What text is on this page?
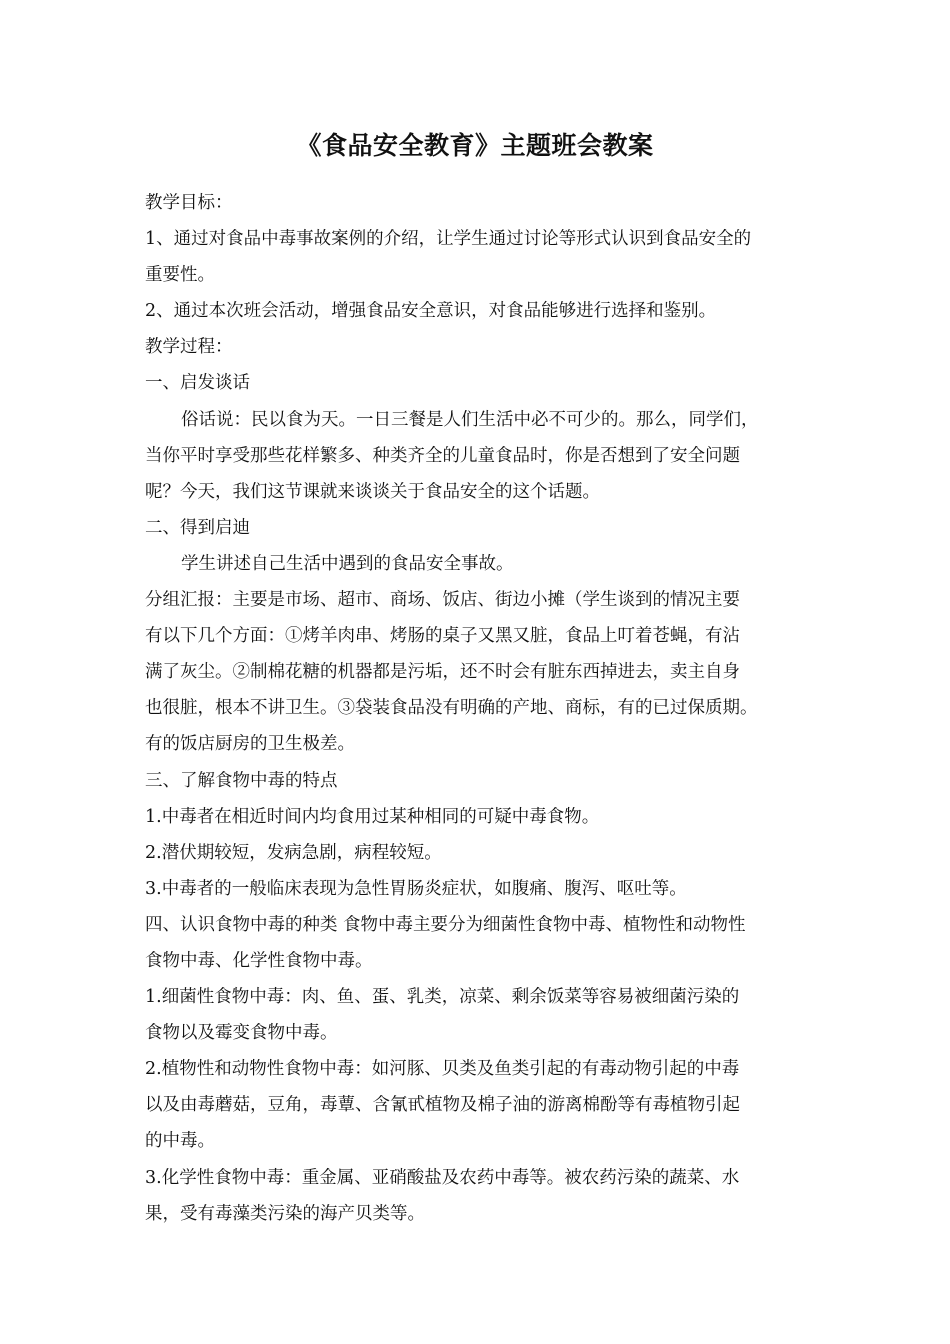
《食品安全教育》主题班会教案
教学目标：
1、通过对食品中毒事故案例的介绍，让学生通过讨论等形式认识到食品安全的
重要性。
2、通过本次班会活动，增强食品安全意识，对食品能够进行选择和鉴别。
教学过程：
一、启发谈话
俗话说：民以食为天。一日三餐是人们生活中必不可少的。那么，同学们，
当你平时享受那些花样繁多、种类齐全的儿童食品时，你是否想到了安全问题
呢？今天，我们这节课就来谈谈关于食品安全的这个话题。
二、得到启迪
学生讲述自己生活中遇到的食品安全事故。
分组汇报：主要是市场、超市、商场、饭店、街边小摊（学生谈到的情况主要
有以下几个方面：①烤羊肉串、烤肠的桌子又黑又脏，食品上叮着苍蝇，有沾
满了灰尘。②制棉花糖的机器都是污垢，还不时会有脏东西掉进去，卖主自身
也很脏，根本不讲卫生。③袋装食品没有明确的产地、商标，有的已过保质期。
有的饭店厨房的卫生极差。
三、了解食物中毒的特点
1.中毒者在相近时间内均食用过某种相同的可疑中毒食物。
2.潜伏期较短，发病急剧，病程较短。
3.中毒者的一般临床表现为急性胃肠炎症状，如腹痛、腹泻、呕吐等。
四、认识食物中毒的种类 食物中毒主要分为细菌性食物中毒、植物性和动物性
食物中毒、化学性食物中毒。
1.细菌性食物中毒：肉、鱼、蛋、乳类，凉菜、剩余饭菜等容易被细菌污染的
食物以及霉变食物中毒。
2.植物性和动物性食物中毒：如河豚、贝类及鱼类引起的有毒动物引起的中毒
以及由毒蘑菇，豆角，毒蕈、含氰甙植物及棉子油的游离棉酚等有毒植物引起
的中毒。
3.化学性食物中毒：重金属、亚硝酸盐及农药中毒等。被农药污染的蔬菜、水
果，受有毒藻类污染的海产贝类等。
